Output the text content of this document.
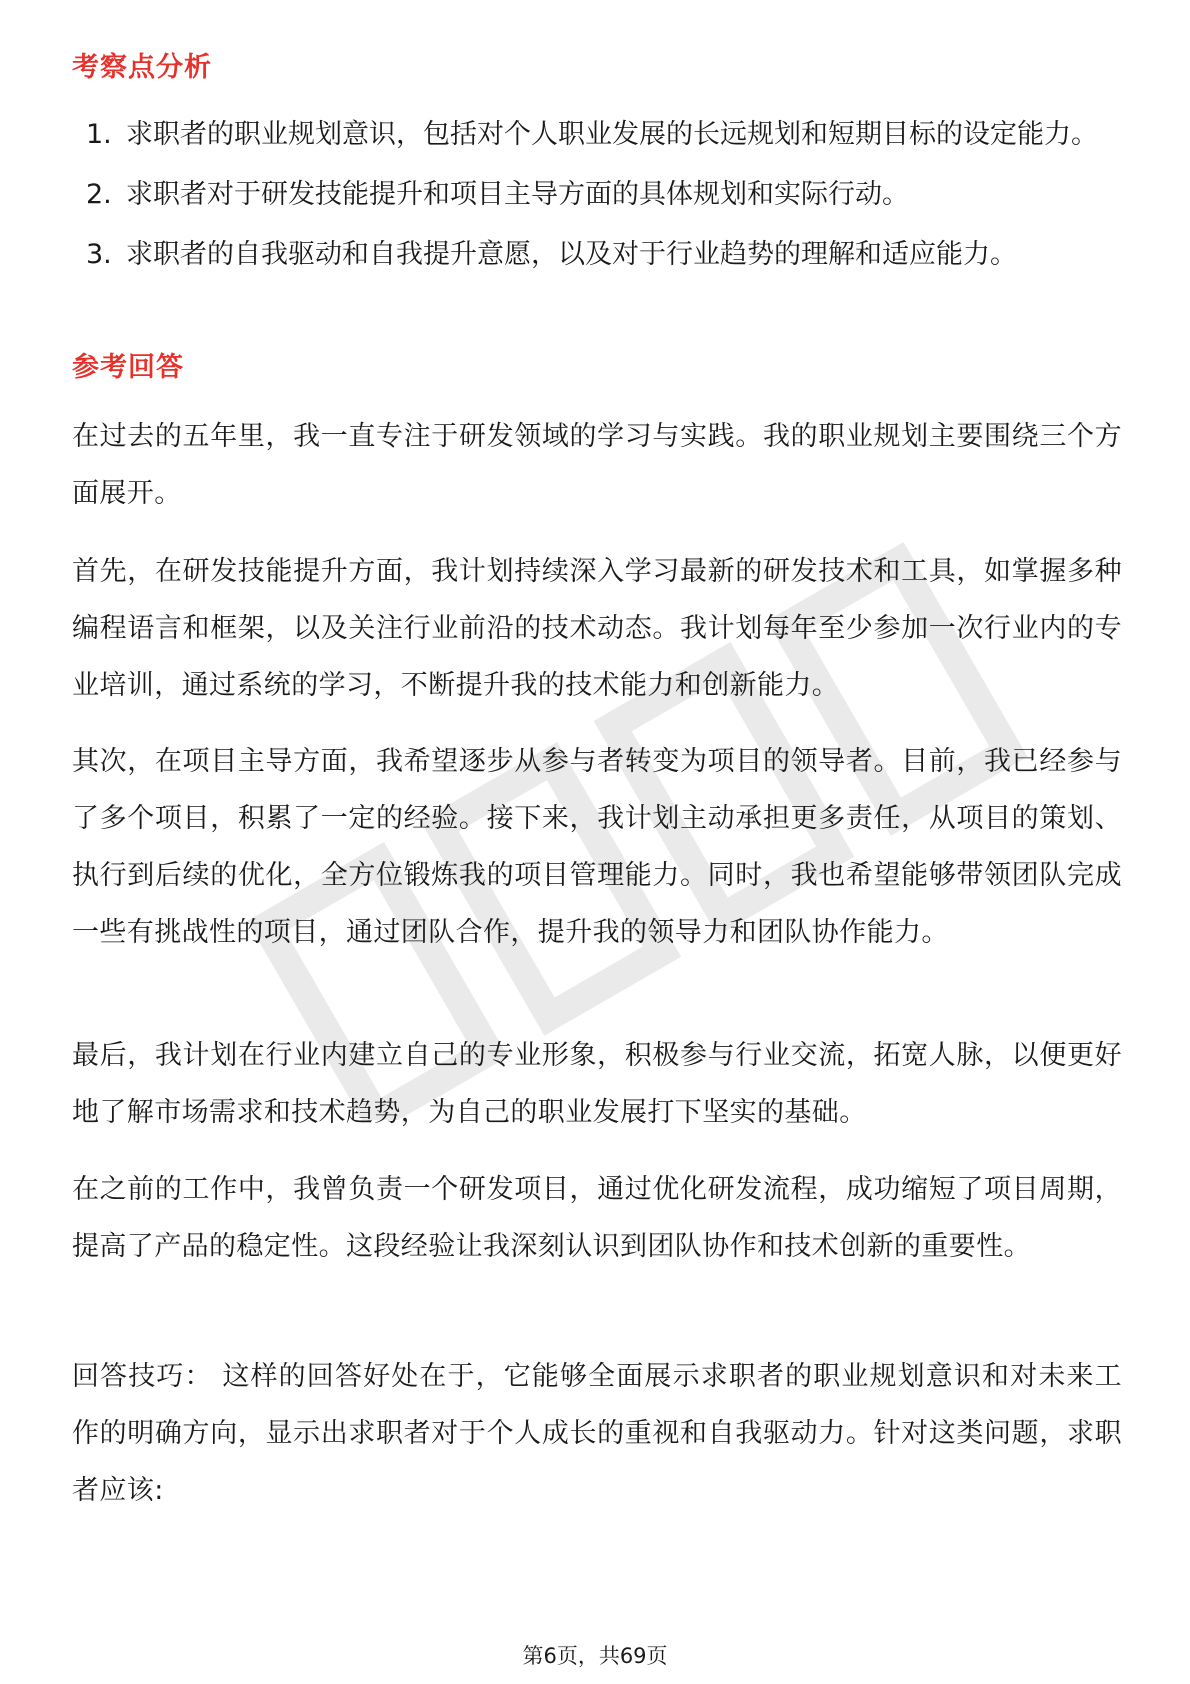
考察点分析
1. 求职者的职业规划意识，包括对个人职业发展的长远规划和短期目标的设定能力。
2. 求职者对于研发技能提升和项目主导方面的具体规划和实际行动。
3. 求职者的自我驱动和自我提升意愿，以及对于行业趋势的理解和适应能力。
参考回答

在过去的五年里，我一直专注于研发领域的学习与实践。我的职业规划主要围绕三个方面展开。

首先，在研发技能提升方面，我计划持续深入学习最新的研发技术和工具，如掌握多种编程语言和框架，以及关注行业前沿的技术动态。我计划每年至少参加一次行业内的专业培训，通过系统的学习，不断提升我的技术能力和创新能力。

其次，在项目主导方面，我希望逐步从参与者转变为项目的领导者。目前，我已经参与了多个项目，积累了一定的经验。接下来，我计划主动承担更多责任，从项目的策划、执行到后续的优化，全方位锻炼我的项目管理能力。同时，我也希望能够带领团队完成一些有挑战性的项目，通过团队合作，提升我的领导力和团队协作能力。

最后，我计划在行业内建立自己的专业形象，积极参与行业交流，拓宽人脉，以便更好地了解市场需求和技术趋势，为自己的职业发展打下坚实的基础。

在之前的工作中，我曾负责一个研发项目，通过优化研发流程，成功缩短了项目周期，提高了产品的稳定性。这段经验让我深刻认识到团队协作和技术创新的重要性。

回答技巧： 这样的回答好处在于，它能够全面展示求职者的职业规划意识和对未来工作的明确方向，显示出求职者对于个人成长的重视和自我驱动力。针对这类问题，求职者应该:

第6页，共69页
